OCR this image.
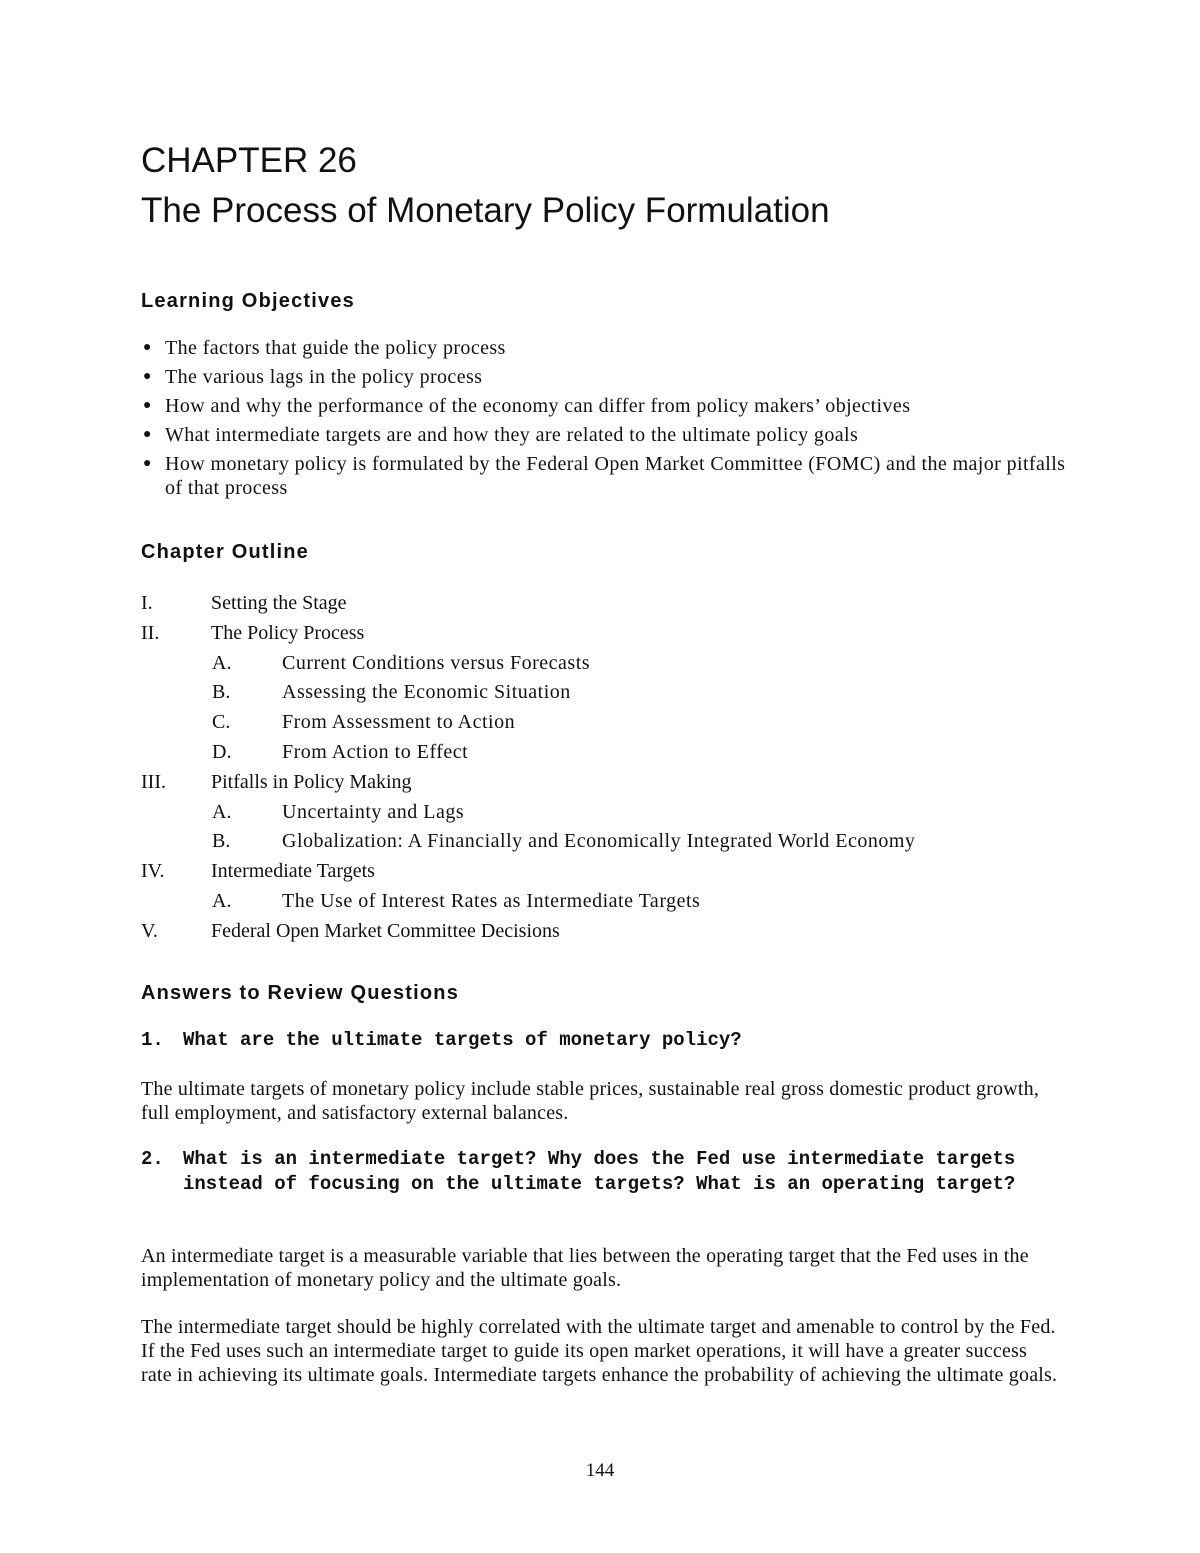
CHAPTER 26
The Process of Monetary Policy Formulation
Learning Objectives
● The factors that guide the policy process
● The various lags in the policy process
● How and why the performance of the economy can differ from policy makers’ objectives
● What intermediate targets are and how they are related to the ultimate policy goals
● How monetary policy is formulated by the Federal Open Market Committee (FOMC) and the major pitfalls of that process
Chapter Outline
I.	Setting the Stage
II.	The Policy Process
A.	Current Conditions versus Forecasts
B.	Assessing the Economic Situation
C.	From Assessment to Action
D.	From Action to Effect
III. Pitfalls in Policy Making
A.	Uncertainty and Lags
B.	Globalization: A Financially and Economically Integrated World Economy
IV. Intermediate Targets
A.	The Use of Interest Rates as Intermediate Targets
V.	Federal Open Market Committee Decisions
Answers to Review Questions
1.	What are the ultimate targets of monetary policy?

The ultimate targets of monetary policy include stable prices, sustainable real gross domestic product growth, full employment, and satisfactory external balances.

2.	What is an intermediate target? Why does the Fed use intermediate targets instead of focusing on the ultimate targets? What is an operating target?

An intermediate target is a measurable variable that lies between the operating target that the Fed uses in the implementation of monetary policy and the ultimate goals.

The intermediate target should be highly correlated with the ultimate target and amenable to control by the Fed. If the Fed uses such an intermediate target to guide its open market operations, it will have a greater success rate in achieving its ultimate goals. Intermediate targets enhance the probability of achieving the ultimate goals.

144
